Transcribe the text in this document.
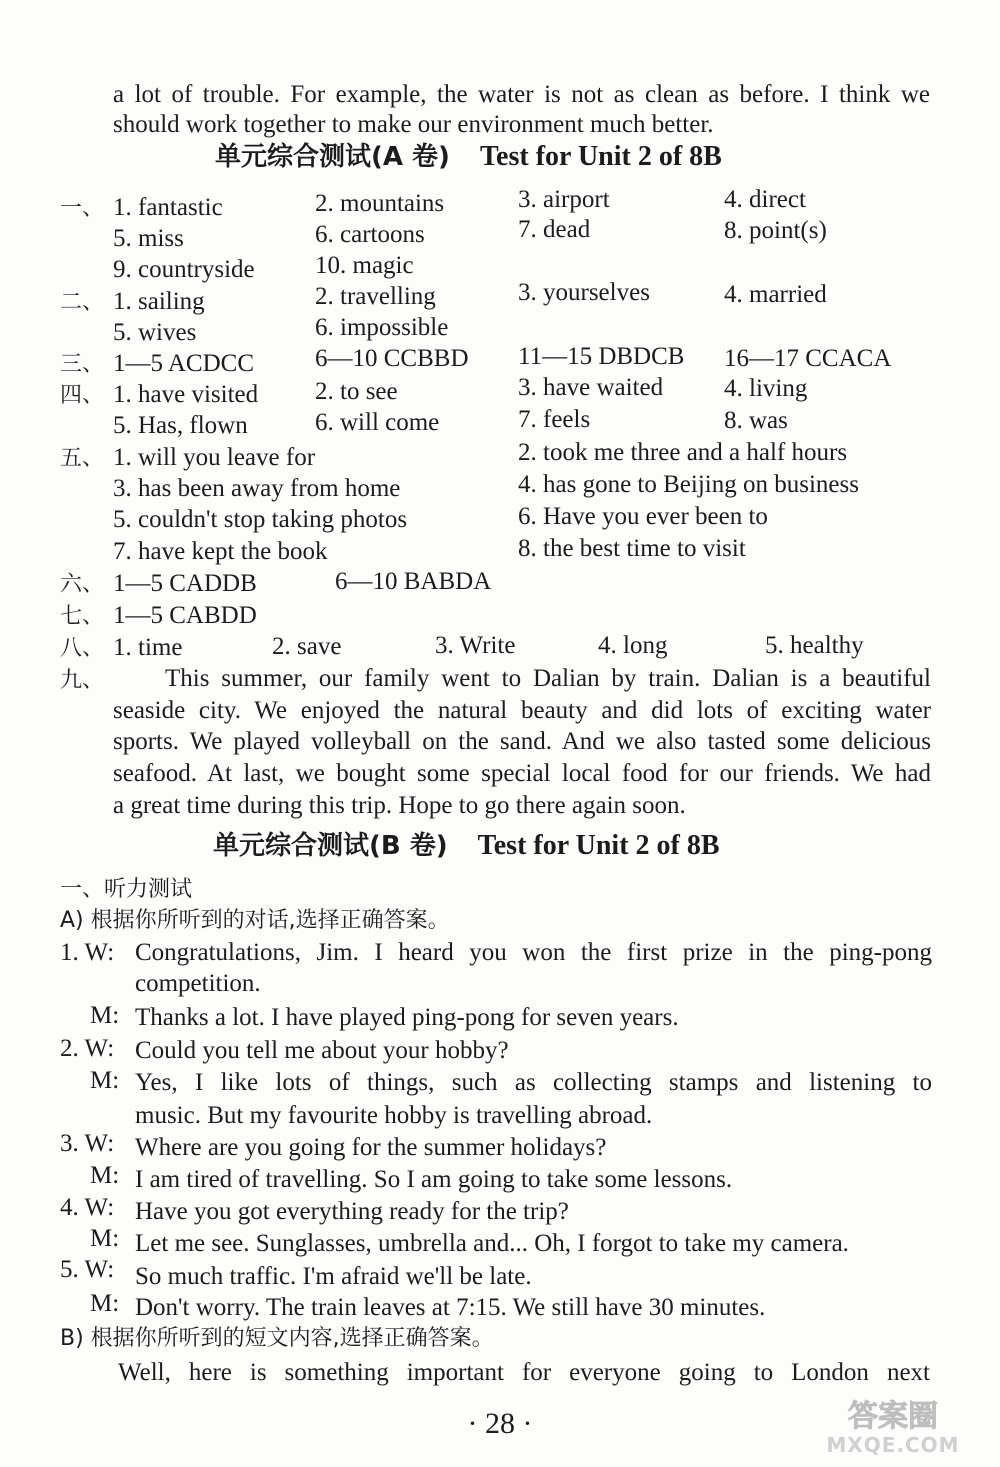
a lot of trouble. For example, the water is not as clean as before. I think we
should work together to make our environment much better.
单元综合测试(A 卷) Test for Unit 2 of 8B
一、 1. fantastic	2. mountains	3. airport	4. direct
5. miss	6. cartoons	7. dead	8. point(s)
9. countryside 10. magic
二、 1. sailing	2. travelling	3. yourselves	4. married
5. wives	6. impossible
三、 1—5 ACDCC 6—10 CCBBD 11—15 DBDCB 16—17 CCACA
四、 1. have visited 2. to see	3. have waited 4. living
5. Has, flown	6. will come	7. feels	8. was
五、 1. will you leave for	2. took me three and a half hours
3. has been away from home	4. has gone to Beijing on business
5. couldn't stop taking photos	6. Have you ever been to
7. have kept the book	8. the best time to visit
六、 1—5 CADDB	6—10 BABDA
七、 1—5 CABDD
八、 1. time	2. save	3. Write	4. long	5. healthy
九、 This summer, our family went to Dalian by train. Dalian is a beautiful
seaside city. We enjoyed the natural beauty and did lots of exciting water
sports. We played volleyball on the sand. And we also tasted some delicious
seafood. At last, we bought some special local food for our friends. We had
a great time during this trip. Hope to go there again soon.
单元综合测试(B 卷) Test for Unit 2 of 8B
一、听力测试
A) 根据你所听到的对话,选择正确答案。
1. W: Congratulations, Jim. I heard you won the first prize in the ping-pong
competition.
M: Thanks a lot. I have played ping-pong for seven years.
2. W: Could you tell me about your hobby?
M: Yes, I like lots of things, such as collecting stamps and listening to
music. But my favourite hobby is travelling abroad.
3. W: Where are you going for the summer holidays?
M: I am tired of travelling. So I am going to take some lessons.
4. W: Have you got everything ready for the trip?
M: Let me see. Sunglasses, umbrella and... Oh, I forgot to take my camera.
5. W: So much traffic. I'm afraid we'll be late.
M: Don't worry. The train leaves at 7:15. We still have 30 minutes.
B) 根据你所听到的短文内容,选择正确答案。
Well, here is something important for everyone going to London next
· 28 ·	答案圈
MXQE.COM
